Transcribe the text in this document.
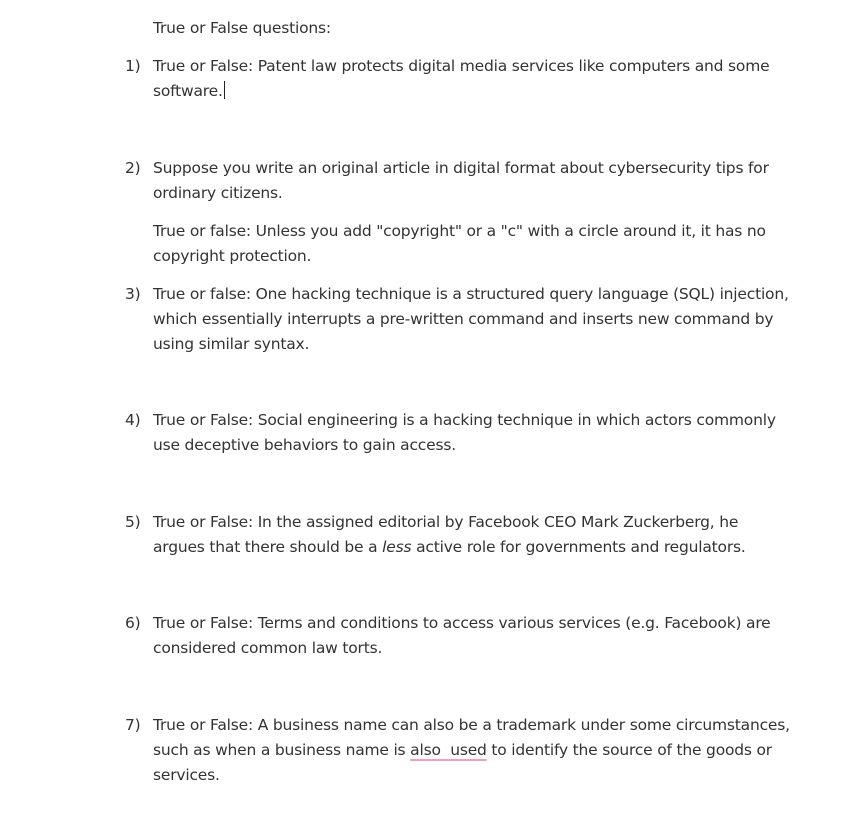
True or False questions:
1) True or False: Patent law protects digital media services like computers and some
software.
2) Suppose you write an original article in digital format about cybersecurity tips for
ordinary citizens.
True or false: Unless you add "copyright" or a "c" with a circle around it, it has no
copyright protection.
3) True or false: One hacking technique is a structured query language (SQL) injection,
which essentially interrupts a pre-written command and inserts new command by
using similar syntax.
4) True or False: Social engineering is a hacking technique in which actors commonly
use deceptive behaviors to gain access.
5) True or False: In the assigned editorial by Facebook CEO Mark Zuckerberg, he
argues that there should be a less active role for governments and regulators.
6) True or False: Terms and conditions to access various services (e.g. Facebook) are
considered common law torts.
7) True or False: A business name can also be a trademark under some circumstances,
such as when a business name is also  used to identify the source of the goods or
services.
